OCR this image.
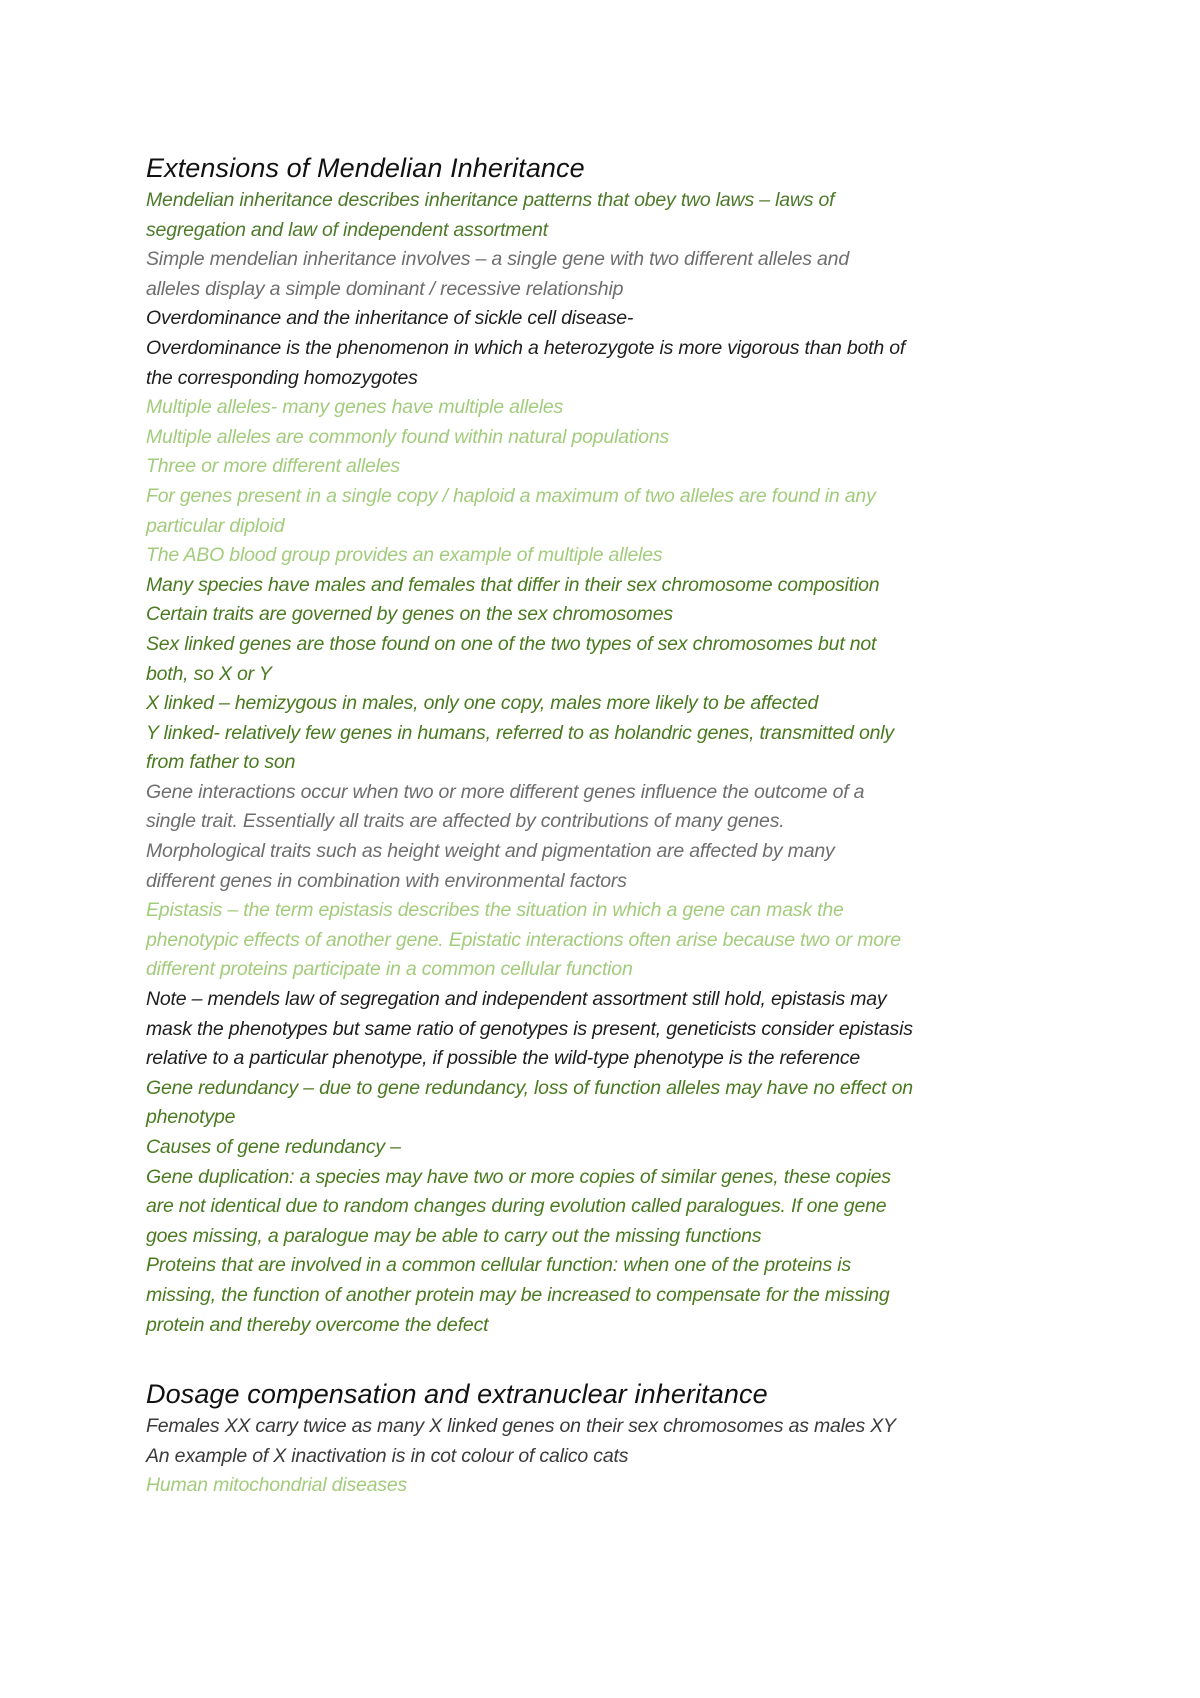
Extensions of Mendelian Inheritance

Mendelian inheritance describes inheritance patterns that obey two laws – laws of

segregation and law of independent assortment

Simple mendelian inheritance involves – a single gene with two different alleles and

alleles display a simple dominant / recessive relationship

Overdominance and the inheritance of sickle cell disease-

Overdominance is the phenomenon in which a heterozygote is more vigorous than both of

the corresponding homozygotes

Multiple alleles- many genes have multiple alleles

Multiple alleles are commonly found within natural populations

Three or more different alleles

For genes present in a single copy / haploid a maximum of two alleles are found in any

particular diploid

The ABO blood group provides an example of multiple alleles

Many species have males and females that differ in their sex chromosome composition

Certain traits are governed by genes on the sex chromosomes

Sex linked genes are those found on one of the two types of sex chromosomes but not

both, so X or Y

X linked – hemizygous in males, only one copy, males more likely to be affected

Y linked- relatively few genes in humans, referred to as holandric genes, transmitted only

from father to son

Gene interactions occur when two or more different genes influence the outcome of a

single trait. Essentially all traits are affected by contributions of many genes.

Morphological traits such as height weight and pigmentation are affected by many

different genes in combination with environmental factors

Epistasis – the term epistasis describes the situation in which a gene can mask the

phenotypic effects of another gene. Epistatic interactions often arise because two or more

different proteins participate in a common cellular function

Note – mendels law of segregation and independent assortment still hold, epistasis may

mask the phenotypes but same ratio of genotypes is present, geneticists consider epistasis

relative to a particular phenotype, if possible the wild-type phenotype is the reference

Gene redundancy – due to gene redundancy, loss of function alleles may have no effect on

phenotype

Causes of gene redundancy –

Gene duplication: a species may have two or more copies of similar genes, these copies

are not identical due to random changes during evolution called paralogues. If one gene

goes missing, a paralogue may be able to carry out the missing functions

Proteins that are involved in a common cellular function: when one of the proteins is

missing, the function of another protein may be increased to compensate for the missing

protein and thereby overcome the defect

Dosage compensation and extranuclear inheritance

Females XX carry twice as many X linked genes on their sex chromosomes as males XY

An example of X inactivation is in cot colour of calico cats

Human mitochondrial diseases
